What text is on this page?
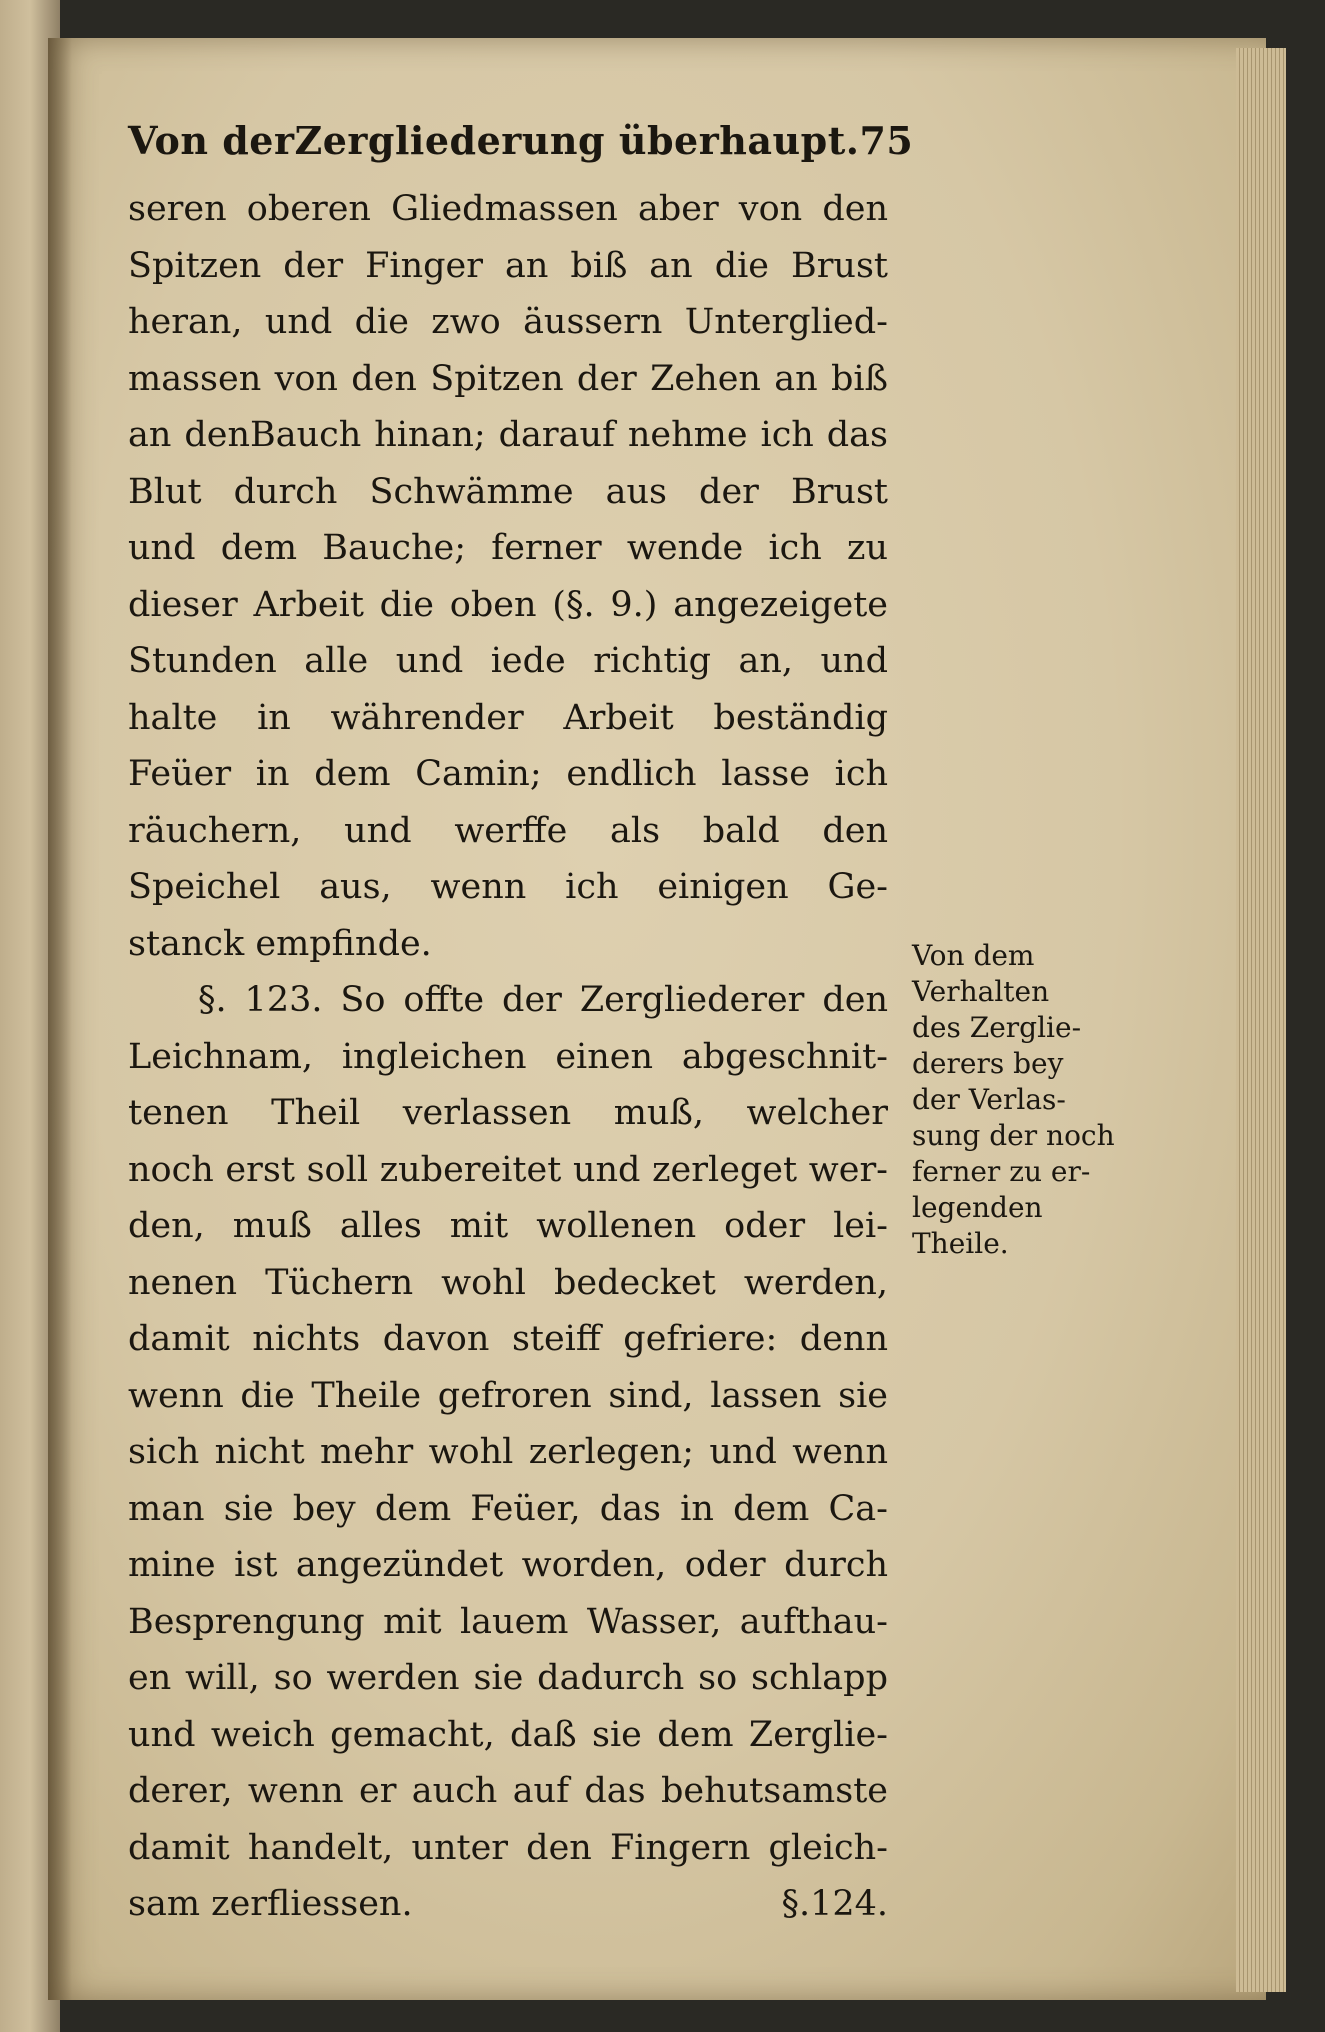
Von derZergliederung überhaupt. 75
seren oberen Gliedmassen aber von den
Spitzen der Finger an biß an die Brust
heran, und die zwo äussern Unterglied-
massen von den Spitzen der Zehen an biß
an denBauch hinan; darauf nehme ich das
Blut durch Schwämme aus der Brust
und dem Bauche; ferner wende ich zu
dieser Arbeit die oben (§. 9.) angezeigete
Stunden alle und iede richtig an, und
halte in währender Arbeit beständig
Feüer in dem Camin; endlich lasse ich
räuchern, und werffe als bald den
Speichel aus, wenn ich einigen Ge-
stanck empfinde.
§. 123. So offte der Zergliederer den
Leichnam, ingleichen einen abgeschnit-
tenen Theil verlassen muß, welcher
noch erst soll zubereitet und zerleget wer-
den, muß alles mit wollenen oder lei-
nenen Tüchern wohl bedecket werden,
damit nichts davon steiff gefriere: denn
wenn die Theile gefroren sind, lassen sie
sich nicht mehr wohl zerlegen; und wenn
man sie bey dem Feüer, das in dem Ca-
mine ist angezündet worden, oder durch
Besprengung mit lauem Wasser, aufthau-
en will, so werden sie dadurch so schlapp
und weich gemacht, daß sie dem Zerglie-
derer, wenn er auch auf das behutsamste
damit handelt, unter den Fingern gleich-
sam zerfliessen.	§.124.
Von dem
Verhalten
des Zerglie-
derers bey
der Verlas-
sung der noch
ferner zu er-
legenden
Theile.
